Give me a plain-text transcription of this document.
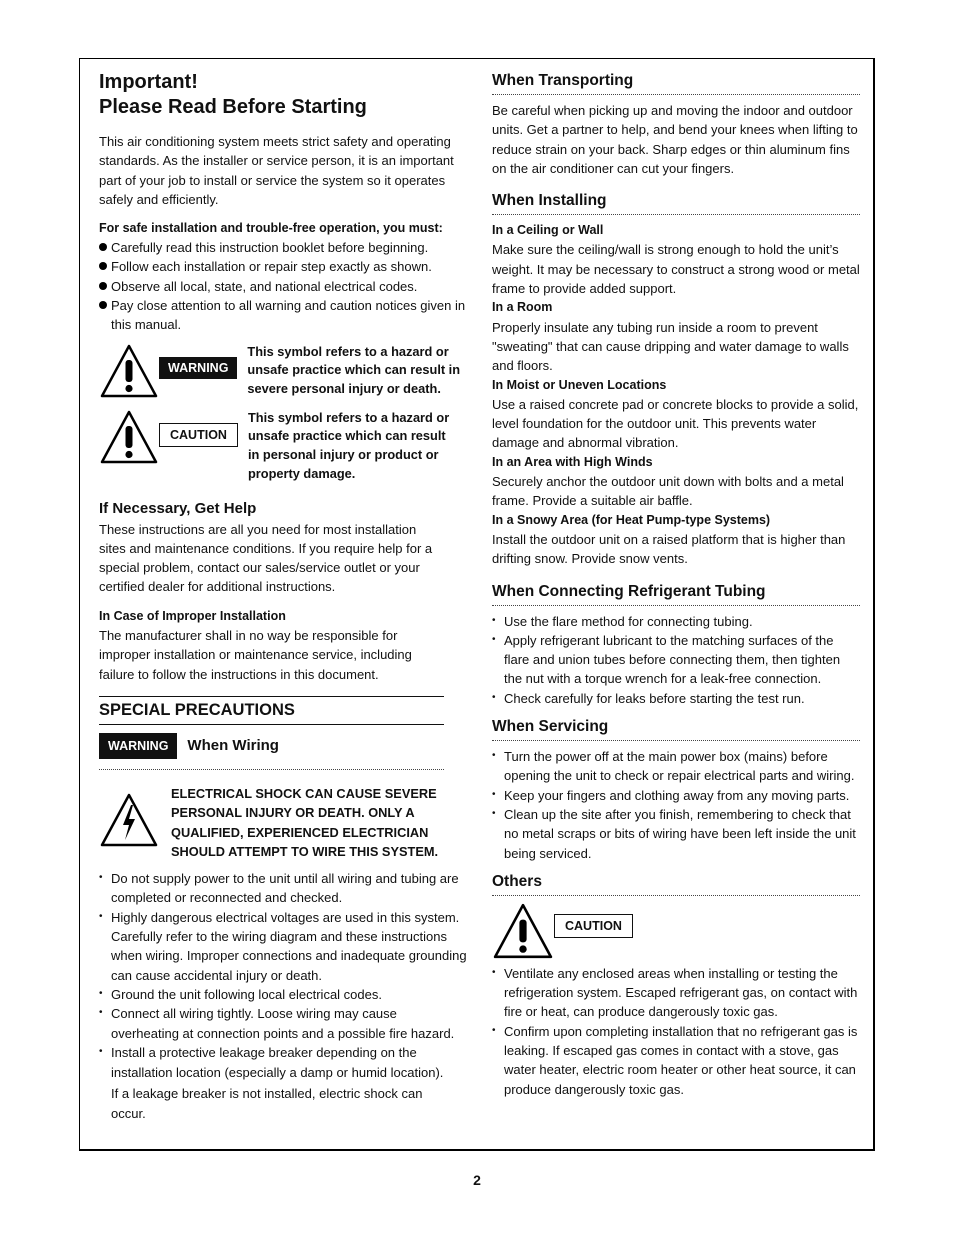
Important!
Please Read Before Starting

This air conditioning system meets strict safety and operating standards. As the installer or service person, it is an important part of your job to install or service the system so it operates safely and efficiently.

For safe installation and trouble-free operation, you must:
Carefully read this instruction booklet before beginning.
Follow each installation or repair step exactly as shown.
Observe all local, state, and national electrical codes.
Pay close attention to all warning and caution notices given in this manual.
WARNING
This symbol refers to a hazard or unsafe practice which can result in severe personal injury or death.
CAUTION
This symbol refers to a hazard or unsafe practice which can result in personal injury or product or property damage.
If Necessary, Get Help

These instructions are all you need for most installation sites and maintenance conditions. If you require help for a special problem, contact our sales/service outlet or your certified dealer for additional instructions.

In Case of Improper Installation

The manufacturer shall in no way be responsible for improper installation or maintenance service, including failure to follow the instructions in this document.

SPECIAL PRECAUTIONS
WARNING	When Wiring
ELECTRICAL SHOCK CAN CAUSE SEVERE PERSONAL INJURY OR DEATH. ONLY A QUALIFIED, EXPERIENCED ELECTRICIAN SHOULD ATTEMPT TO WIRE THIS SYSTEM.
• Do not supply power to the unit until all wiring and tubing are completed or reconnected and checked.
• Highly dangerous electrical voltages are used in this system. Carefully refer to the wiring diagram and these instructions when wiring. Improper connections and inadequate grounding can cause accidental injury or death.
• Ground the unit following local electrical codes.
• Connect all wiring tightly. Loose wiring may cause overheating at connection points and a possible fire hazard.
• Install a protective leakage breaker depending on the installation location (especially a damp or humid location). If a leakage breaker is not installed, electric shock can occur.
When Transporting

Be careful when picking up and moving the indoor and outdoor units. Get a partner to help, and bend your knees when lifting to reduce strain on your back. Sharp edges or thin aluminum fins on the air conditioner can cut your fingers.

When Installing
In a Ceiling or Wall

Make sure the ceiling/wall is strong enough to hold the unit’s weight. It may be necessary to construct a strong wood or metal frame to provide added support.

In a Room

Properly insulate any tubing run inside a room to prevent "sweating" that can cause dripping and water damage to walls and floors.

In Moist or Uneven Locations

Use a raised concrete pad or concrete blocks to provide a solid, level foundation for the outdoor unit. This prevents water damage and abnormal vibration.

In an Area with High Winds

Securely anchor the outdoor unit down with bolts and a metal frame. Provide a suitable air baffle.

In a Snowy Area (for Heat Pump-type Systems)

Install the outdoor unit on a raised platform that is higher than drifting snow. Provide snow vents.

When Connecting Refrigerant Tubing
• Use the flare method for connecting tubing.
• Apply refrigerant lubricant to the matching surfaces of the flare and union tubes before connecting them, then tighten the nut with a torque wrench for a leak-free connection.
• Check carefully for leaks before starting the test run.
When Servicing
• Turn the power off at the main power box (mains) before opening the unit to check or repair electrical parts and wiring.
• Keep your fingers and clothing away from any moving parts.
• Clean up the site after you finish, remembering to check that no metal scraps or bits of wiring have been left inside the unit being serviced.
Others
CAUTION
• Ventilate any enclosed areas when installing or testing the refrigeration system. Escaped refrigerant gas, on contact with fire or heat, can produce dangerously toxic gas.
• Confirm upon completing installation that no refrigerant gas is leaking. If escaped gas comes in contact with a stove, gas water heater, electric room heater or other heat source, it can produce dangerously toxic gas.
2
